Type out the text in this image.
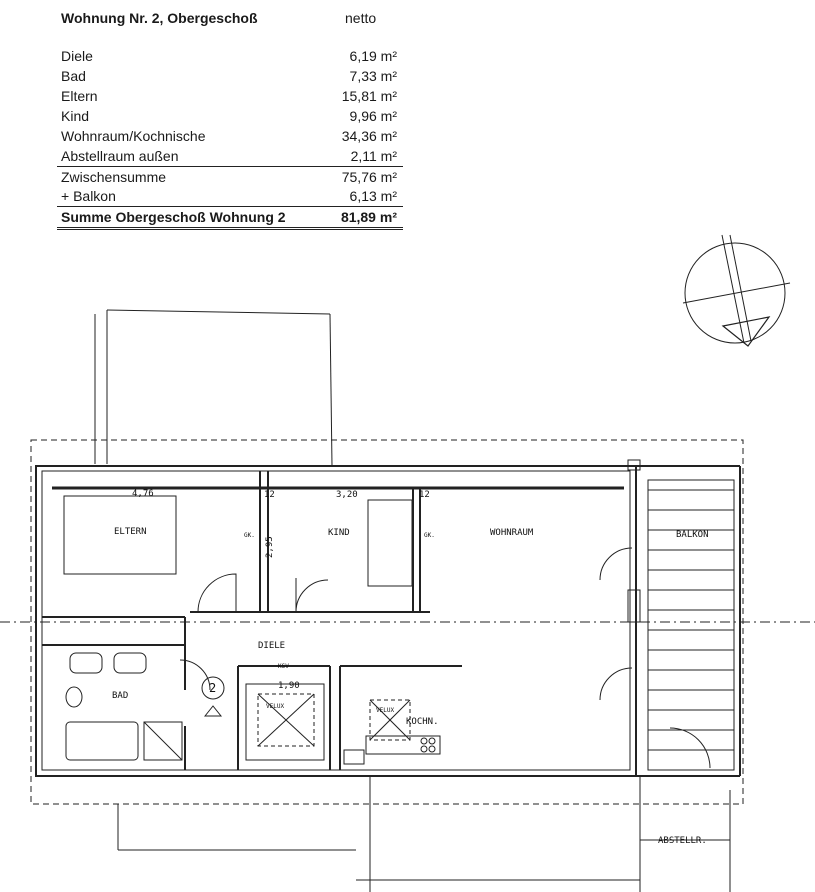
Wohnung Nr. 2, Obergeschoß	netto
Diele	6,19 m²
Bad	7,33 m²
Eltern	15,81 m²
Kind	9,96 m²
Wohnraum/Kochnische	34,36 m²
Abstellraum außen	2,11 m²
Zwischensumme	75,76 m²
+ Balkon	6,13 m²
Summe Obergeschoß Wohnung 2	81,89 m²
ELTERN	KIND	WOHNRAUM	BALKON
DIELE
BAD
KOCHN.
ABSTELLR.
4,76	3,20
12	12
2,95
1,90
2
VELUX
VELUX
GK.	GK.
KSV
